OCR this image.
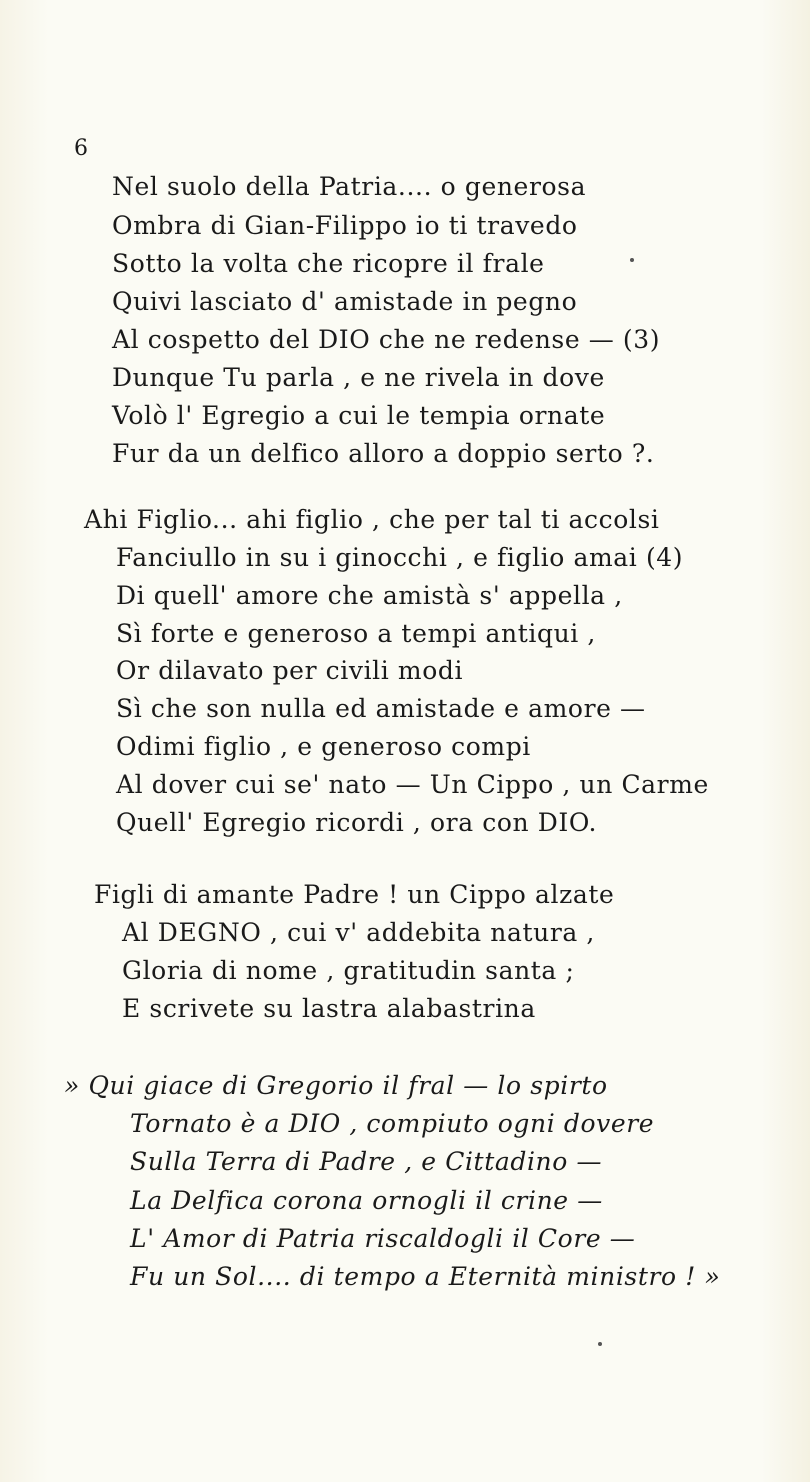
6
Nel suolo della Patria.... o generosa
Ombra di Gian-Filippo io ti travedo
Sotto la volta che ricopre il frale
Quivi lasciato d' amistade in pegno
Al cospetto del DIO che ne redense — (3)
Dunque Tu parla , e ne rivela in dove
Volò l' Egregio a cui le tempia ornate
Fur da un delfico alloro a doppio serto ?.
Ahi Figlio... ahi figlio , che per tal ti accolsi
Fanciullo in su i ginocchi , e figlio amai (4)
Di quell' amore che amistà s' appella ,
Sì forte e generoso a tempi antiqui ,
Or dilavato per civili modi
Sì che son nulla ed amistade e amore —
Odimi figlio , e generoso compi
Al dover cui se' nato — Un Cippo , un Carme
Quell' Egregio ricordi , ora con DIO.
Figli di amante Padre ! un Cippo alzate
Al DEGNO , cui v' addebita natura ,
Gloria di nome , gratitudin santa ;
E scrivete su lastra alabastrina
» Qui giace di Gregorio il fral — lo spirto
Tornato è a DIO , compiuto ogni dovere
Sulla Terra di Padre , e Cittadino —
La Delfica corona ornogli il crine —
L' Amor di Patria riscaldogli il Core —
Fu un Sol.... di tempo a Eternità ministro ! »
